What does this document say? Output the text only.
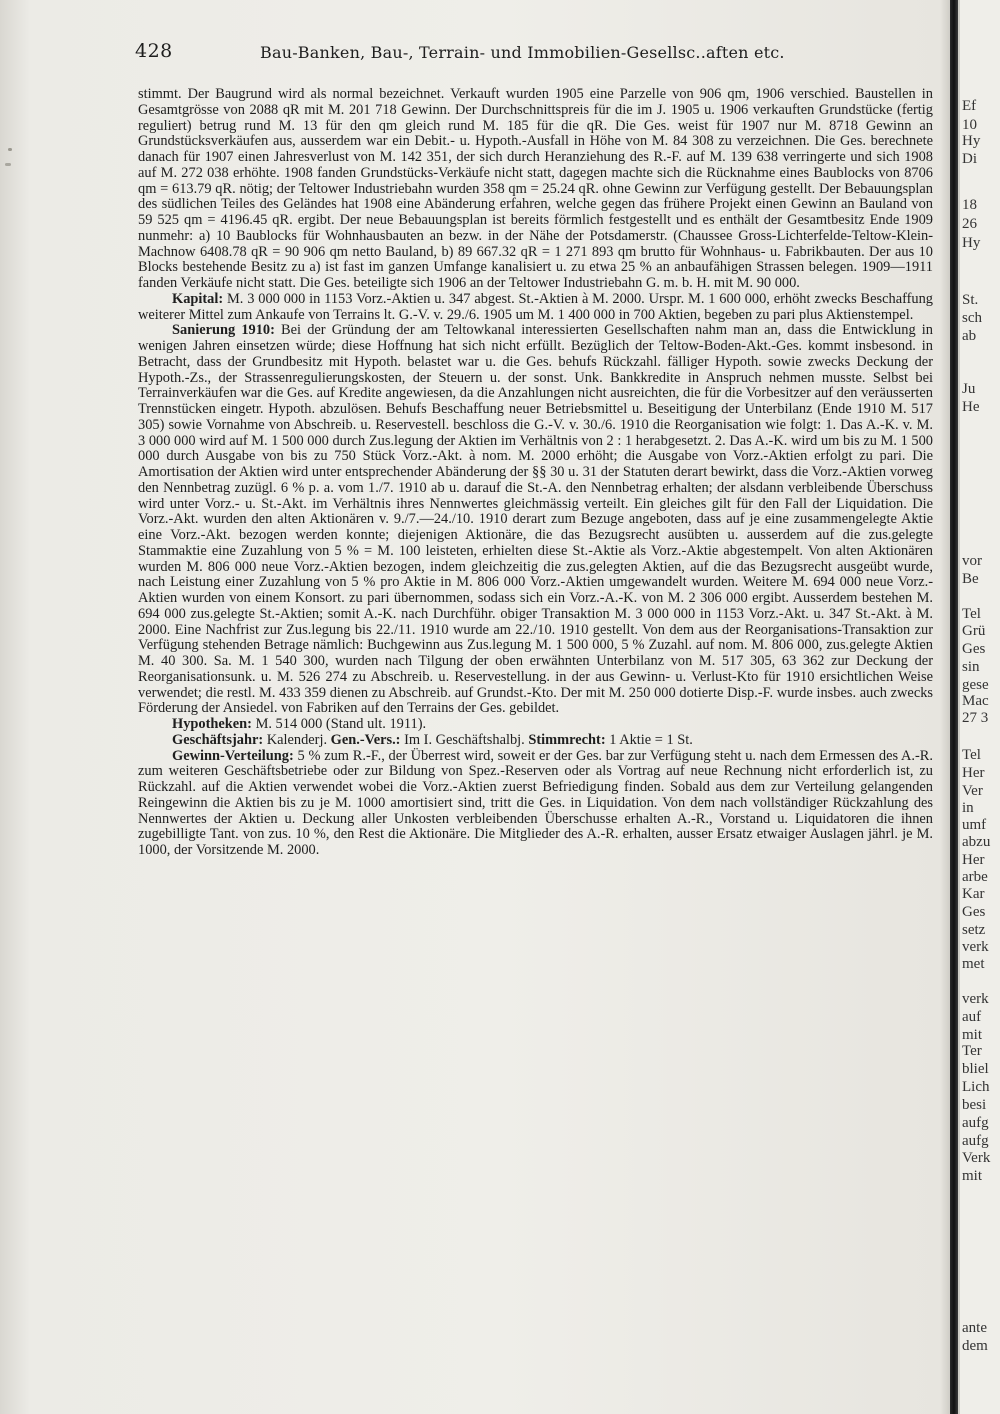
428	Bau-Banken, Bau-, Terrain- und Immobilien-Gesellsc..aften etc.

stimmt. Der Baugrund wird als normal bezeichnet. Verkauft wurden 1905 eine Parzelle von 906 qm, 1906 verschied. Baustellen in Gesamtgrösse von 2088 qR mit M. 201 718 Gewinn. Der Durchschnittspreis für die im J. 1905 u. 1906 verkauften Grundstücke (fertig reguliert) betrug rund M. 13 für den qm gleich rund M. 185 für die qR. Die Ges. weist für 1907 nur M. 8718 Gewinn an Grundstücksverkäufen aus, ausserdem war ein Debit.- u. Hypoth.-Ausfall in Höhe von M. 84 308 zu verzeichnen. Die Ges. berechnete danach für 1907 einen Jahresverlust von M. 142 351, der sich durch Heranziehung des R.-F. auf M. 139 638 verringerte und sich 1908 auf M. 272 038 erhöhte. 1908 fanden Grundstücks-Verkäufe nicht statt, dagegen machte sich die Rücknahme eines Baublocks von 8706 qm = 613.79 qR. nötig; der Teltower Industriebahn wurden 358 qm = 25.24 qR. ohne Gewinn zur Verfügung gestellt. Der Bebauungsplan des südlichen Teiles des Geländes hat 1908 eine Abänderung erfahren, welche gegen das frühere Projekt einen Gewinn an Bauland von 59 525 qm = 4196.45 qR. ergibt. Der neue Bebauungsplan ist bereits förmlich festgestellt und es enthält der Gesamtbesitz Ende 1909 nunmehr: a) 10 Baublocks für Wohnhausbauten an bezw. in der Nähe der Potsdamerstr. (Chaussee Gross-Lichterfelde-Teltow-Klein-Machnow 6408.78 qR = 90 906 qm netto Bauland, b) 89 667.32 qR = 1 271 893 qm brutto für Wohnhaus- u. Fabrikbauten. Der aus 10 Blocks bestehende Besitz zu a) ist fast im ganzen Umfange kanalisiert u. zu etwa 25 % an anbaufähigen Strassen belegen. 1909—1911 fanden Verkäufe nicht statt. Die Ges. beteiligte sich 1906 an der Teltower Industriebahn G. m. b. H. mit M. 90 000.

Kapital: M. 3 000 000 in 1153 Vorz.-Aktien u. 347 abgest. St.-Aktien à M. 2000. Urspr. M. 1 600 000, erhöht zwecks Beschaffung weiterer Mittel zum Ankaufe von Terrains lt. G.-V. v. 29./6. 1905 um M. 1 400 000 in 700 Aktien, begeben zu pari plus Aktienstempel.

Sanierung 1910: Bei der Gründung der am Teltowkanal interessierten Gesellschaften nahm man an, dass die Entwicklung in wenigen Jahren einsetzen würde; diese Hoffnung hat sich nicht erfüllt. Bezüglich der Teltow-Boden-Akt.-Ges. kommt insbesond. in Betracht, dass der Grundbesitz mit Hypoth. belastet war u. die Ges. behufs Rückzahl. fälliger Hypoth. sowie zwecks Deckung der Hypoth.-Zs., der Strassenregulierungskosten, der Steuern u. der sonst. Unk. Bankkredite in Anspruch nehmen musste. Selbst bei Terrainverkäufen war die Ges. auf Kredite angewiesen, da die Anzahlungen nicht ausreichten, die für die Vorbesitzer auf den veräusserten Trennstücken eingetr. Hypoth. abzulösen. Behufs Beschaffung neuer Betriebsmittel u. Beseitigung der Unterbilanz (Ende 1910 M. 517 305) sowie Vornahme von Abschreib. u. Reservestell. beschloss die G.-V. v. 30./6. 1910 die Reorganisation wie folgt: 1. Das A.-K. v. M. 3 000 000 wird auf M. 1 500 000 durch Zus.legung der Aktien im Verhältnis von 2 : 1 herabgesetzt. 2. Das A.-K. wird um bis zu M. 1 500 000 durch Ausgabe von bis zu 750 Stück Vorz.-Akt. à nom. M. 2000 erhöht; die Ausgabe von Vorz.-Aktien erfolgt zu pari. Die Amortisation der Aktien wird unter entsprechender Abänderung der §§ 30 u. 31 der Statuten derart bewirkt, dass die Vorz.-Aktien vorweg den Nennbetrag zuzügl. 6 % p. a. vom 1./7. 1910 ab u. darauf die St.-A. den Nennbetrag erhalten; der alsdann verbleibende Überschuss wird unter Vorz.- u. St.-Akt. im Verhältnis ihres Nennwertes gleichmässig verteilt. Ein gleiches gilt für den Fall der Liquidation. Die Vorz.-Akt. wurden den alten Aktionären v. 9./7.—24./10. 1910 derart zum Bezuge angeboten, dass auf je eine zusammengelegte Aktie eine Vorz.-Akt. bezogen werden konnte; diejenigen Aktionäre, die das Bezugsrecht ausübten u. ausserdem auf die zus.gelegte Stammaktie eine Zuzahlung von 5 % = M. 100 leisteten, erhielten diese St.-Aktie als Vorz.-Aktie abgestempelt. Von alten Aktionären wurden M. 806 000 neue Vorz.-Aktien bezogen, indem gleichzeitig die zus.gelegten Aktien, auf die das Bezugsrecht ausgeübt wurde, nach Leistung einer Zuzahlung von 5 % pro Aktie in M. 806 000 Vorz.-Aktien umgewandelt wurden. Weitere M. 694 000 neue Vorz.-Aktien wurden von einem Konsort. zu pari übernommen, sodass sich ein Vorz.-A.-K. von M. 2 306 000 ergibt. Ausserdem bestehen M. 694 000 zus.gelegte St.-Aktien; somit A.-K. nach Durchführ. obiger Transaktion M. 3 000 000 in 1153 Vorz.-Akt. u. 347 St.-Akt. à M. 2000. Eine Nachfrist zur Zus.legung bis 22./11. 1910 wurde am 22./10. 1910 gestellt. Von dem aus der Reorganisations-Transaktion zur Verfügung stehenden Betrage nämlich: Buchgewinn aus Zus.legung M. 1 500 000, 5 % Zuzahl. auf nom. M. 806 000, zus.gelegte Aktien M. 40 300. Sa. M. 1 540 300, wurden nach Tilgung der oben erwähnten Unterbilanz von M. 517 305, 63 362 zur Deckung der Reorganisationsunk. u. M. 526 274 zu Abschreib. u. Reservestellung. in der aus Gewinn- u. Verlust-Kto für 1910 ersichtlichen Weise verwendet; die restl. M. 433 359 dienen zu Abschreib. auf Grundst.-Kto. Der mit M. 250 000 dotierte Disp.-F. wurde insbes. auch zwecks Förderung der Ansiedel. von Fabriken auf den Terrains der Ges. gebildet.

Hypotheken: M. 514 000 (Stand ult. 1911).

Geschäftsjahr: Kalenderj. Gen.-Vers.: Im I. Geschäftshalbj. Stimmrecht: 1 Aktie = 1 St.

Gewinn-Verteilung: 5 % zum R.-F., der Überrest wird, soweit er der Ges. bar zur Verfügung steht u. nach dem Ermessen des A.-R. zum weiteren Geschäftsbetriebe oder zur Bildung von Spez.-Reserven oder als Vortrag auf neue Rechnung nicht erforderlich ist, zu Rückzahl. auf die Aktien verwendet wobei die Vorz.-Aktien zuerst Befriedigung finden. Sobald aus dem zur Verteilung gelangenden Reingewinn die Aktien bis zu je M. 1000 amortisiert sind, tritt die Ges. in Liquidation. Von dem nach vollständiger Rückzahlung des Nennwertes der Aktien u. Deckung aller Unkosten verbleibenden Überschusse erhalten A.-R., Vorstand u. Liquidatoren die ihnen zugebilligte Tant. von zus. 10 %, den Rest die Aktionäre. Die Mitglieder des A.-R. erhalten, ausser Ersatz etwaiger Auslagen jährl. je M. 1000, der Vorsitzende M. 2000.

Ef
10
Hy
Di
18
26
Hy
St.
sch
ab
Ju
He
vor
Be
Tel
Grü
Ges
sin
gese
Mac
27 3
Tel
Her
Ver
in
umf
abzu
Her
arbe
Kar
Ges
setz
verk
met
verk
auf
mit
Ter
bliel
Lich
besi
aufg
aufg
Verk
mit
ante
dem
